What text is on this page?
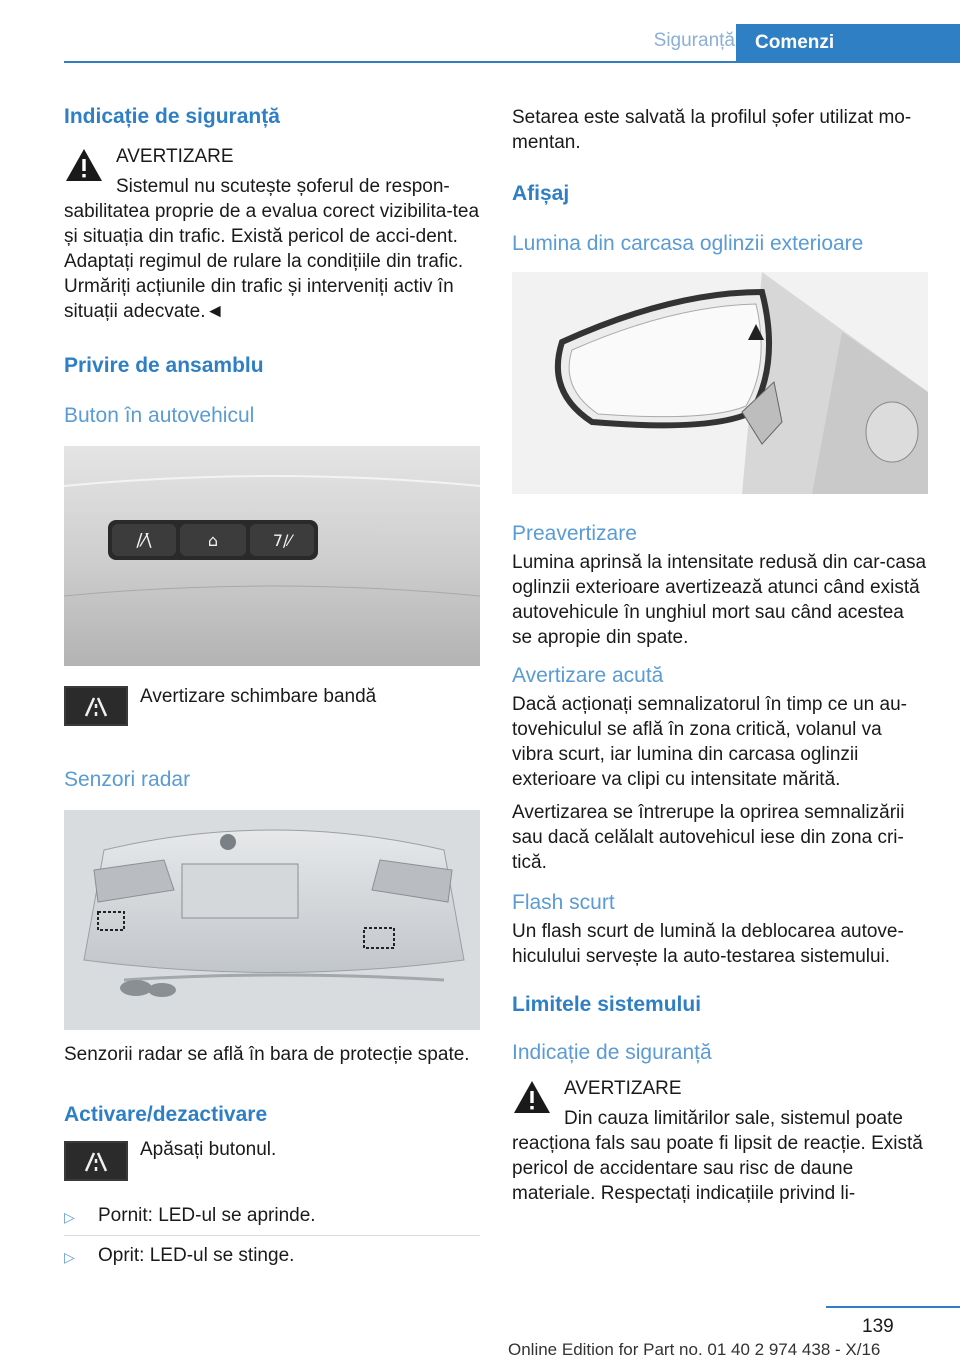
Siguranță	Comenzi
Indicație de siguranță
AVERTIZARE

Sistemul nu scutește șoferul de respon-sabilitatea proprie de a evalua corect vizibilita-tea și situația din trafic. Există pericol de acci-dent. Adaptați regimul de rulare la condițiile din trafic. Urmăriți acțiunile din trafic și interveniți activ în situații adecvate.◄

Privire de ansamblu
Buton în autovehicul
/⁄\	⌂	7/⁄
Avertizare schimbare bandă
Senzori radar

Senzorii radar se află în bara de protecție spate.

Activare/dezactivare
Apăsați butonul.
▷ Pornit: LED-ul se aprinde.
▷ Oprit: LED-ul se stinge.

Setarea este salvată la profilul șofer utilizat mo-mentan.

Afișaj
Lumina din carcasa oglinzii exterioare
Preavertizare

Lumina aprinsă la intensitate redusă din car-casa oglinzii exterioare avertizează atunci când există autovehicule în unghiul mort sau când acestea se apropie din spate.

Avertizare acută

Dacă acționați semnalizatorul în timp ce un au-tovehiculul se află în zona critică, volanul va vibra scurt, iar lumina din carcasa oglinzii exterioare va clipi cu intensitate mărită.

Avertizarea se întrerupe la oprirea semnalizării sau dacă celălalt autovehicul iese din zona cri-tică.

Flash scurt

Un flash scurt de lumină la deblocarea autove-hiculului servește la auto-testarea sistemului.

Limitele sistemului
Indicație de siguranță
AVERTIZARE

Din cauza limitărilor sale, sistemul poate reacționa fals sau poate fi lipsit de reacție. Există pericol de accidentare sau risc de daune materiale. Respectați indicațiile privind li-

139
Online Edition for Part no. 01 40 2 974 438 - X/16
